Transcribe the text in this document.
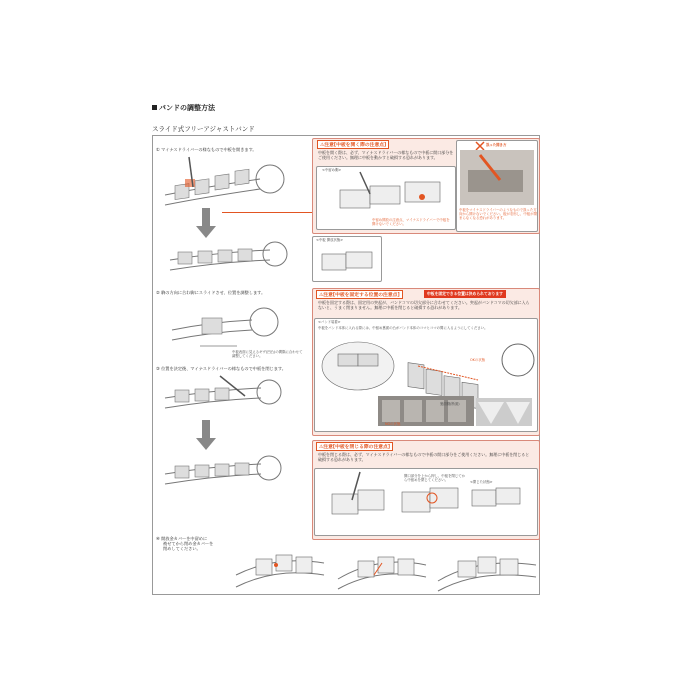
バンドの調整方法
スライド式フリーアジャストバンド
① マイナスドライバーの様なもので中板を開きます。
⚠注意[中板を開く際の注意点]
中板を開く際は、必ず、マイナスドライバーの様なもので中板に開口部分をご使用ください。無理に中板を動かすと破損する恐れがあります。
<中留め側>
中留め開放の注意点、マイナスドライバーで中板を開けないでください。
誤った開き方
中板をマイナスドライバーのようなもので誤った方向から開けないでください。板が変形し、中板が閉まらなくなる恐れがあります。
<中板 開放状態>
② 駒の方向に合わ駒にスライドさせ、位置を調整します。
中板表面に見えるギザ(凹凸)の間隔に合わせて調整してください。
⚠注意[中板を固定する位置の注意点]	中板を固定できる位置は決められております
中板を固定する際は、固定用の突起が、バンドコマの切欠部分に合わせてください。突起がバンドコマの切欠部に入らないと、うまく閉まりません。無理に中板を閉じると破損する恐れがあります。
<バンド装着>
中板をバンド本体に入れる際には、中留め裏面の凸がバンド本体のコマとコマの間に入るようにしてください。
OKの状態
裏面側(断面)
NGの状態
③ 位置を決定後、マイナスドライバーの様なもので中板を閉じます。
⚠注意[中板を閉じる際の注意点]
中板を閉じる際は、必ず、マイナスドライバーの様なもので中板の開口部分をご使用ください。無理に中板を閉じると破損する恐れがあります。
<閉じた状態>
開口部分を上から押し、中板を閉じてから中留めを閉じてください。
④ 開放金カバーを中留めに
被せてから閉め金カバーを
閉めしてください。
